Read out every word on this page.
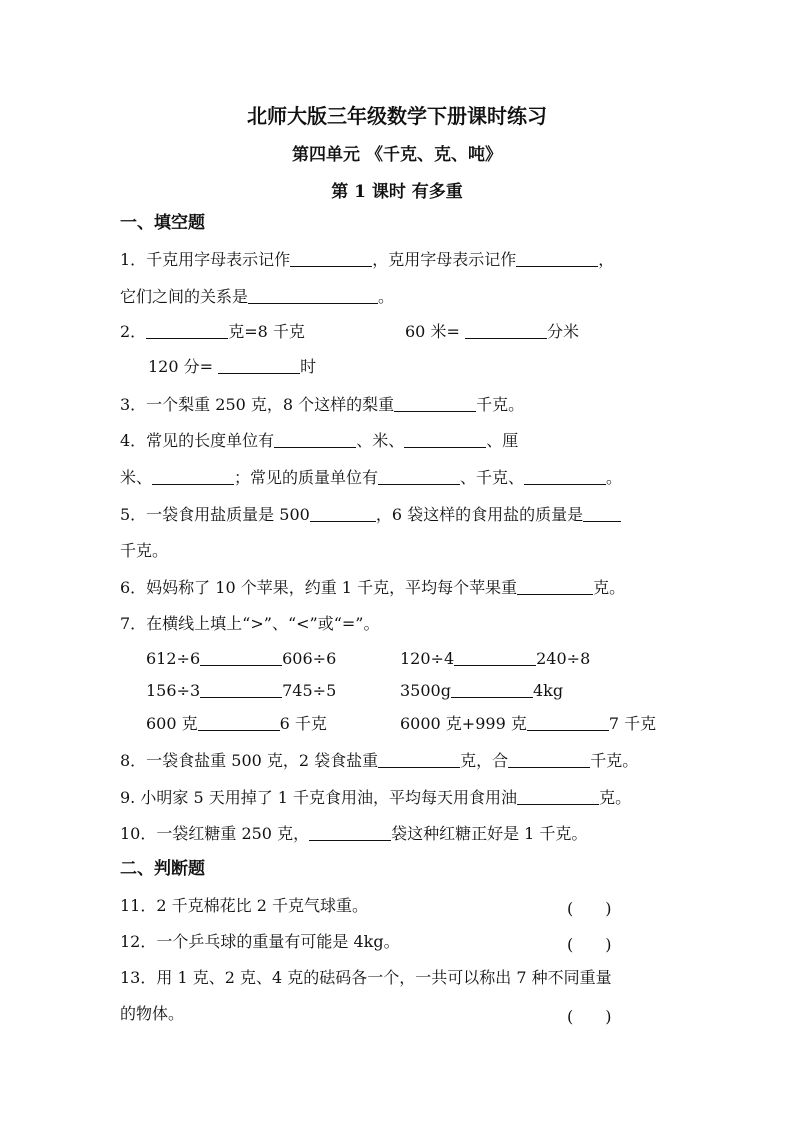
北师大版三年级数学下册课时练习
第四单元 《千克、克、吨》
第 1 课时 有多重
一、填空题
1．千克用字母表示记作	，克用字母表示记作	，
它们之间的关系是	。
2．	克=8 千克	60 米=	分米
120 分=	时
3．一个梨重 250 克，8 个这样的梨重	千克。
4．常见的长度单位有	、米、	、厘
米、	；常见的质量单位有	、千克、	。
5．一袋食用盐质量是 500	，6 袋这样的食用盐的质量是
千克。
6．妈妈称了 10 个苹果，约重 1 千克，平均每个苹果重	克。
7．在横线上填上“>”、“<”或“=”。
612÷6	606÷6	120÷4	240÷8
156÷3	745÷5	3500g	4kg
600 克	6 千克	6000 克+999 克	7 千克
8．一袋食盐重 500 克，2 袋食盐重	克，合	千克。
9. 小明家 5 天用掉了 1 千克食用油，平均每天用食用油	克。
10．一袋红糖重 250 克，	袋这种红糖正好是 1 千克。
二、判断题
11．2 千克棉花比 2 千克气球重。	(　　)
12．一个乒乓球的重量有可能是 4kg。	(　　)
13．用 1 克、2 克、4 克的砝码各一个，一共可以称出 7 种不同重量
的物体。	(　　)
